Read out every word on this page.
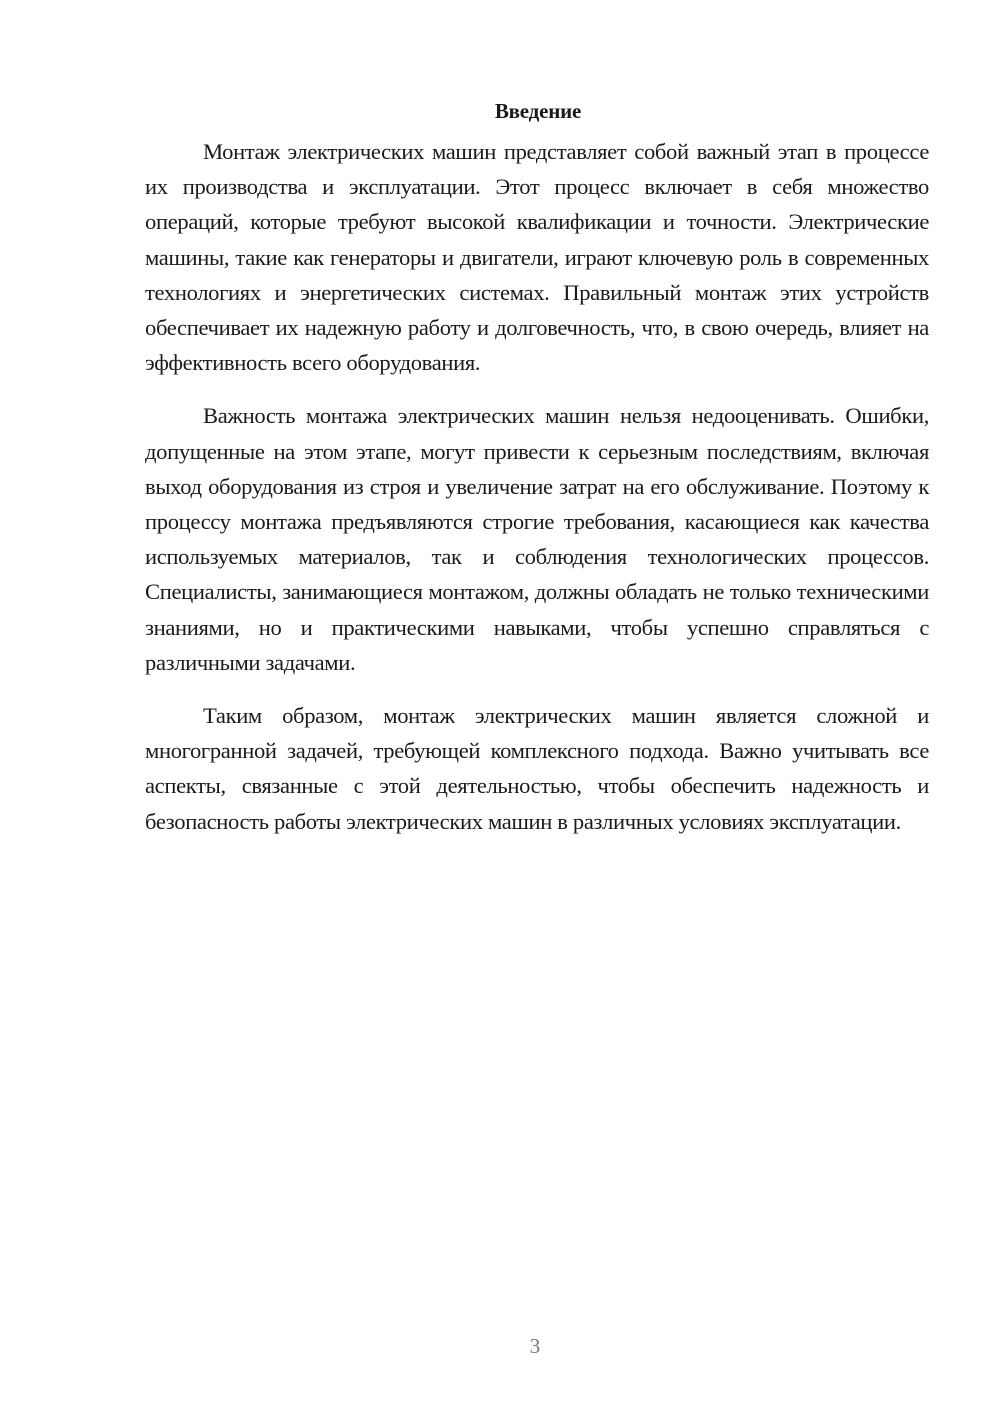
Введение

Монтаж электрических машин представляет собой важный этап в процессе их производства и эксплуатации. Этот процесс включает в себя множество операций, которые требуют высокой квалификации и точности. Электрические машины, такие как генераторы и двигатели, играют ключевую роль в современных технологиях и энергетических системах. Правильный монтаж этих устройств обеспечивает их надежную работу и долговечность, что, в свою очередь, влияет на эффективность всего оборудования.

Важность монтажа электрических машин нельзя недооценивать. Ошибки, допущенные на этом этапе, могут привести к серьезным последствиям, включая выход оборудования из строя и увеличение затрат на его обслуживание. Поэтому к процессу монтажа предъявляются строгие требования, касающиеся как качества используемых материалов, так и соблюдения технологических процессов. Специалисты, занимающиеся монтажом, должны обладать не только техническими знаниями, но и практическими навыками, чтобы успешно справляться с различными задачами.

Таким образом, монтаж электрических машин является сложной и многогранной задачей, требующей комплексного подхода. Важно учитывать все аспекты, связанные с этой деятельностью, чтобы обеспечить надежность и безопасность работы электрических машин в различных условиях эксплуатации.

3
